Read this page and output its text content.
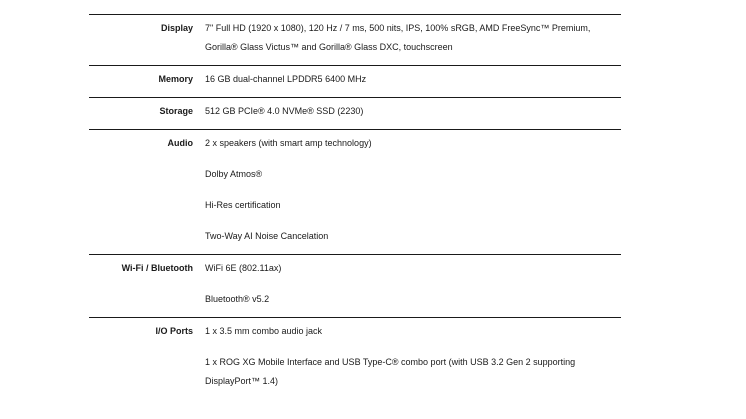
Display	7" Full HD (1920 x 1080), 120 Hz / 7 ms, 500 nits, IPS, 100% sRGB, AMD FreeSync™ Premium, Gorilla® Glass Victus™ and Gorilla® Glass DXC, touchscreen
Memory	16 GB dual-channel LPDDR5 6400 MHz
Storage	512 GB PCIe® 4.0 NVMe® SSD (2230)
Audio	2 x speakers (with smart amp technology)
Dolby Atmos®
Hi-Res certification
Two-Way AI Noise Cancelation
Wi-Fi / Bluetooth	WiFi 6E (802.11ax)
Bluetooth® v5.2
I/O Ports	1 x 3.5 mm combo audio jack
1 x ROG XG Mobile Interface and USB Type-C® combo port (with USB 3.2 Gen 2 supporting DisplayPort™ 1.4)
